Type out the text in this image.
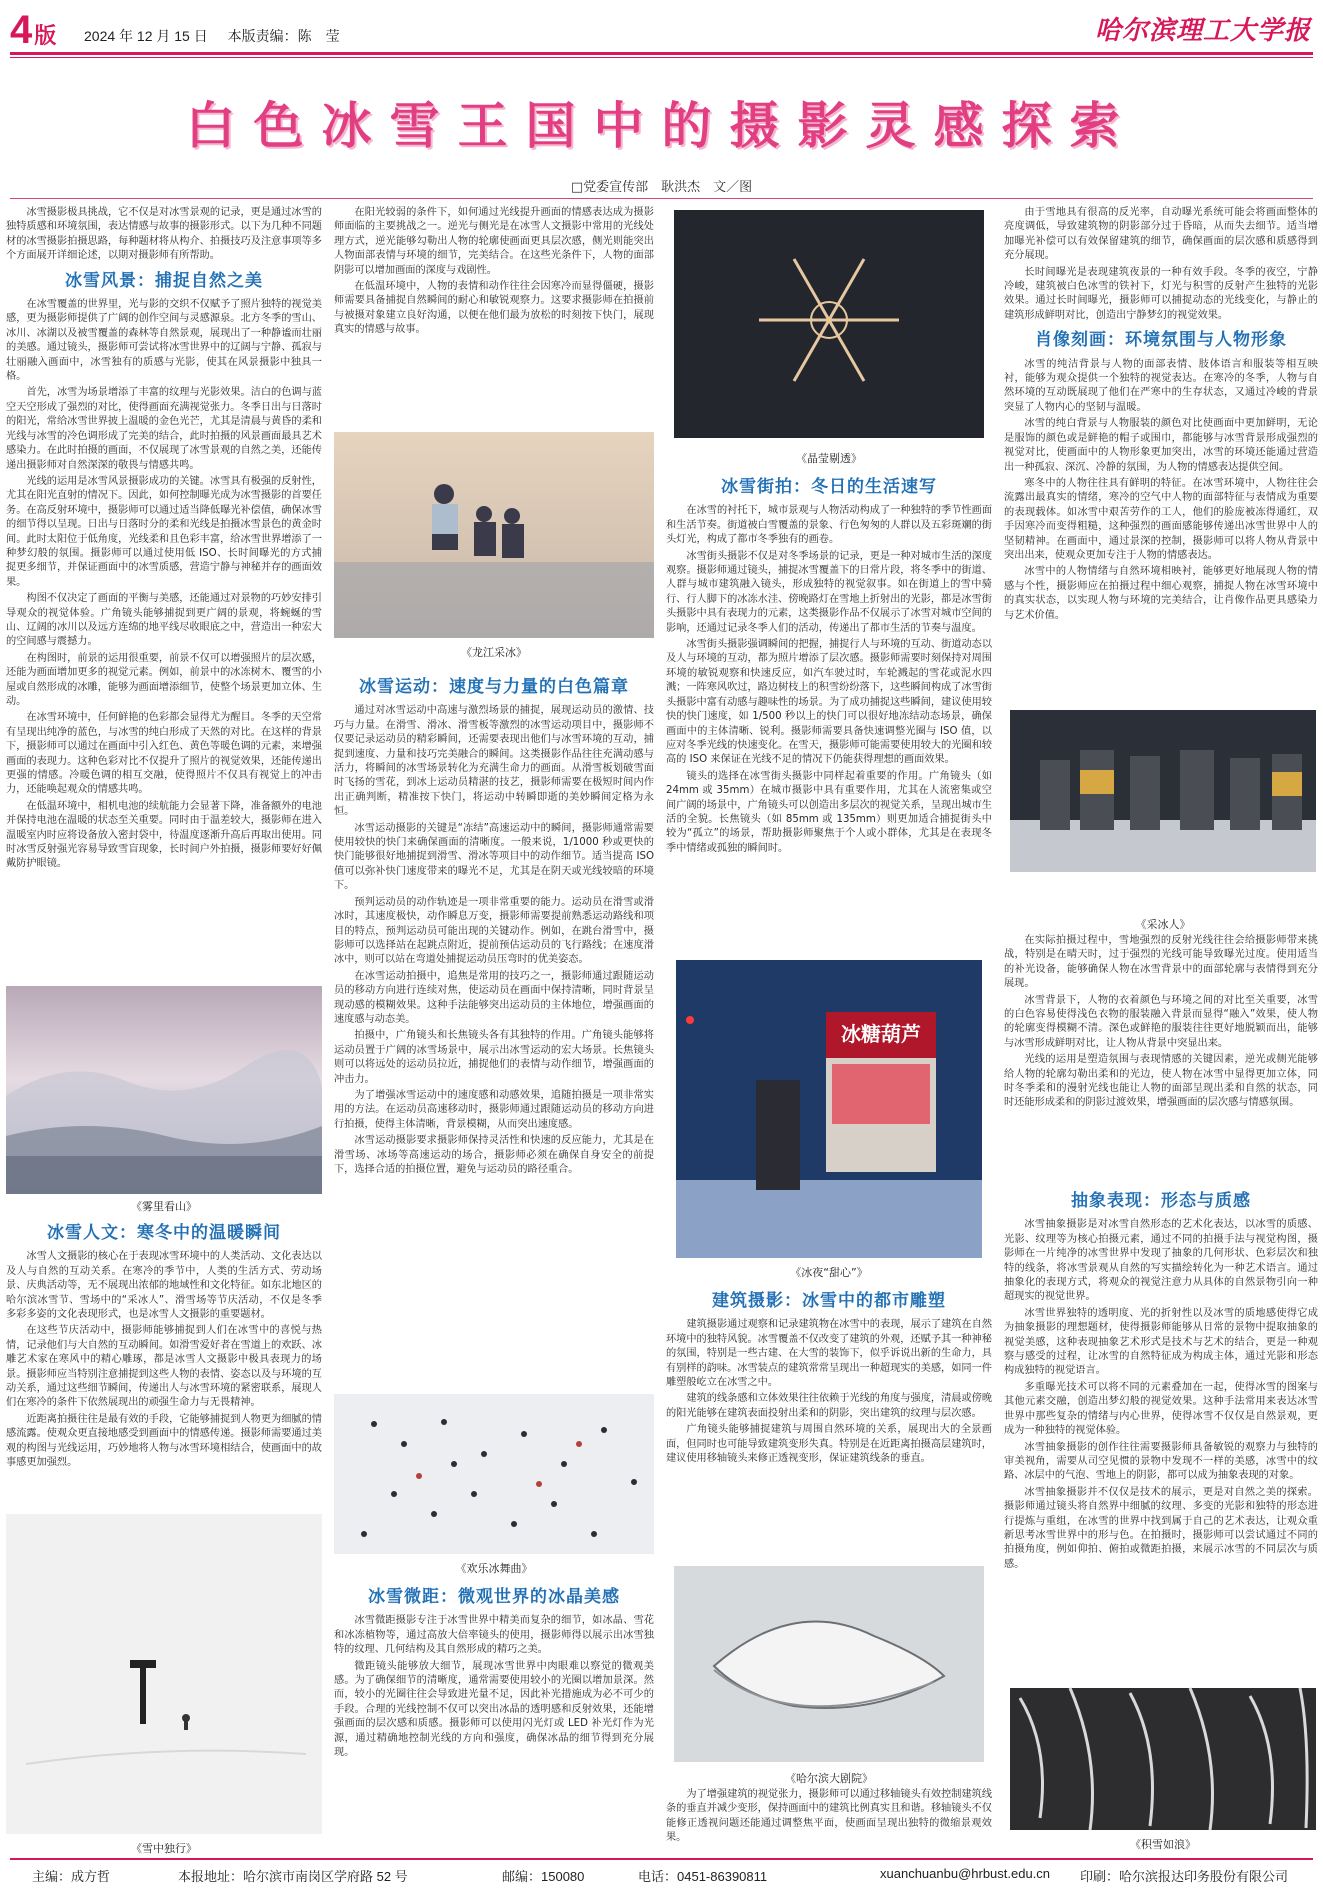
4版 2024 年 12 月 15 日 本版责编：陈　莹	哈尔滨理工大学报
白色冰雪王国中的摄影灵感探索
□党委宣传部　耿洪杰　文／图

冰雪摄影极具挑战，它不仅是对冰雪景观的记录，更是通过冰雪的独特质感和环境氛围，表达情感与故事的摄影形式。以下为几种不同题材的冰雪摄影拍摄思路，每种题材将从构介、拍摄技巧及注意事项等多个方面展开详细论述，以期对摄影师有所帮助。

冰雪风景：捕捉自然之美

在冰雪覆盖的世界里，光与影的交织不仅赋予了照片独特的视觉美感，更为摄影师提供了广阔的创作空间与灵感源泉。北方冬季的雪山、冰川、冰湖以及被雪覆盖的森林等自然景观，展现出了一种静谧而壮丽的美感。通过镜头，摄影师可尝试将冰雪世界中的辽阔与宁静、孤寂与壮丽融入画面中，冰雪独有的质感与光影，使其在风景摄影中独具一格。

首先，冰雪为场景增添了丰富的纹理与光影效果。洁白的色调与蓝空天空形成了强烈的对比，使得画面充满视觉张力。冬季日出与日落时的阳光，常给冰雪世界披上温暖的金色光芒，尤其是清晨与黄昏的柔和光线与冰雪的冷色调形成了完美的结合，此时拍摄的风景画面最具艺术感染力。在此时拍摄的画面，不仅展现了冰雪景观的自然之美，还能传递出摄影师对自然深深的敬畏与情感共鸣。

光线的运用是冰雪风景摄影成功的关键。冰雪具有极强的反射性，尤其在阳光直射的情况下。因此，如何控制曝光成为冰雪摄影的首要任务。在高反射环境中，摄影师可以通过适当降低曝光补偿值，确保冰雪的细节得以呈现。日出与日落时分的柔和光线是拍摄冰雪景色的黄金时间。此时太阳位于低角度，光线柔和且色彩丰富，给冰雪世界增添了一种梦幻般的氛围。摄影师可以通过使用低 ISO、长时间曝光的方式捕捉更多细节，并保证画面中的冰雪质感，营造宁静与神秘并存的画面效果。

构图不仅决定了画面的平衡与美感，还能通过对景物的巧妙安排引导观众的视觉体验。广角镜头能够捕捉到更广阔的景观，将蜿蜒的雪山、辽阔的冰川以及远方连绵的地平线尽收眼底之中，营造出一种宏大的空间感与震撼力。

在构图时，前景的运用很重要，前景不仅可以增强照片的层次感，还能为画面增加更多的视觉元素。例如，前景中的冰冻树木、覆雪的小屋或自然形成的冰雕，能够为画面增添细节，使整个场景更加立体、生动。

在冰雪环境中，任何鲜艳的色彩都会显得尤为醒目。冬季的天空常有呈现出纯净的蓝色，与冰雪的纯白形成了天然的对比。在这样的背景下，摄影师可以通过在画面中引入红色、黄色等暖色调的元素，来增强画面的表现力。这种色彩对比不仅提升了照片的视觉效果，还能传递出更强的情感。冷暖色调的相互交融，使得照片不仅具有视觉上的冲击力，还能唤起观众的情感共鸣。

在低温环境中，相机电池的续航能力会显著下降，准备额外的电池并保持电池在温暖的状态至关重要。同时由于温差较大，摄影师在进入温暖室内时应将设备放入密封袋中，待温度逐渐升高后再取出使用。同时冰雪反射强光容易导致雪盲现象，长时间户外拍摄，摄影师要好好佩戴防护眼镜。

《雾里看山》
冰雪人文：寒冬中的温暖瞬间

冰雪人文摄影的核心在于表现冰雪环境中的人类活动、文化表达以及人与自然的互动关系。在寒冷的季节中，人类的生活方式、劳动场景、庆典活动等，无不展现出浓郁的地域性和文化特征。如东北地区的哈尔滨冰雪节、雪场中的“采冰人”、滑雪场等节庆活动，不仅是冬季多彩多姿的文化表现形式，也是冰雪人文摄影的重要题材。

在这些节庆活动中，摄影师能够捕捉到人们在冰雪中的喜悦与热情，记录他们与大自然的互动瞬间。如滑雪爱好者在雪道上的欢跃、冰雕艺术家在寒风中的精心雕琢，都是冰雪人文摄影中极具表现力的场景。摄影师应当特别注意捕捉到这些人物的表情、姿态以及与环境的互动关系，通过这些细节瞬间，传递出人与冰雪环境的紧密联系，展现人们在寒冷的条件下依然展现出的顽强生命力与无畏精神。

近距离拍摄往往是最有效的手段，它能够捕捉到人物更为细腻的情感流露。使观众更直接地感受到画面中的情感传递。摄影师需要通过美观的构图与光线运用，巧妙地将人物与冰雪环境相结合，使画面中的故事感更加强烈。

《雪中独行》

在阳光较弱的条件下，如何通过光线提升画面的情感表达成为摄影师面临的主要挑战之一。逆光与侧光是在冰雪人文摄影中常用的光线处理方式，逆光能够勾勒出人物的轮廓使画面更具层次感，侧光则能突出人物面部表情与环境的细节，完美结合。在这些光条件下，人物的面部阴影可以增加画面的深度与戏剧性。

在低温环境中，人物的表情和动作往往会因寒冷而显得僵硬，摄影师需要具备捕捉自然瞬间的耐心和敏锐观察力。这要求摄影师在拍摄前与被摄对象建立良好沟通，以便在他们最为放松的时刻按下快门，展现真实的情感与故事。

《龙江采冰》
冰雪运动：速度与力量的白色篇章

通过对冰雪运动中高速与激烈场景的捕捉，展现运动员的激情、技巧与力量。在滑雪、滑冰、滑雪板等激烈的冰雪运动项目中，摄影师不仅要记录运动员的精彩瞬间，还需要表现出他们与冰雪环境的互动，捕捉到速度、力量和技巧完美融合的瞬间。这类摄影作品往往充满动感与活力，将瞬间的冰雪场景转化为充满生命力的画面。从滑雪板划破雪面时飞扬的雪花，到冰上运动员精湛的技艺，摄影师需要在极短时间内作出正确判断，精准按下快门，将运动中转瞬即逝的美妙瞬间定格为永恒。

冰雪运动摄影的关键是“冻结”高速运动中的瞬间，摄影师通常需要使用较快的快门来确保画面的清晰度。一般来说，1/1000 秒或更快的快门能够很好地捕捉到滑雪、滑冰等项目中的动作细节。适当提高 ISO 值可以弥补快门速度带来的曝光不足，尤其是在阴天或光线较暗的环境下。

预判运动员的动作轨迹是一项非常重要的能力。运动员在滑雪或滑冰时，其速度极快，动作瞬息万变，摄影师需要提前熟悉运动路线和项目的特点，预判运动员可能出现的关键动作。例如，在跳台滑雪中，摄影师可以选择站在起跳点附近，提前预估运动员的飞行路线；在速度滑冰中，则可以站在弯道处捕捉运动员压弯时的优美姿态。

在冰雪运动拍摄中，追焦是常用的技巧之一，摄影师通过跟随运动员的移动方向进行连续对焦，使运动员在画面中保持清晰，同时背景呈现动感的模糊效果。这种手法能够突出运动员的主体地位，增强画面的速度感与动态美。

拍摄中，广角镜头和长焦镜头各有其独特的作用。广角镜头能够将运动员置于广阔的冰雪场景中，展示出冰雪运动的宏大场景。长焦镜头则可以将远处的运动员拉近，捕捉他们的表情与动作细节，增强画面的冲击力。

为了增强冰雪运动中的速度感和动感效果，追随拍摄是一项非常实用的方法。在运动员高速移动时，摄影师通过跟随运动员的移动方向进行拍摄，使得主体清晰，背景模糊，从而突出速度感。

冰雪运动摄影要求摄影师保持灵活性和快速的反应能力，尤其是在滑雪场、冰场等高速运动的场合，摄影师必须在确保自身安全的前提下，选择合适的拍摄位置，避免与运动员的路径重合。

《欢乐冰舞曲》
冰雪微距：微观世界的冰晶美感

冰雪微距摄影专注于冰雪世界中精美而复杂的细节，如冰晶、雪花和冰冻植物等，通过高放大倍率镜头的使用，摄影师得以展示出冰雪独特的纹理、几何结构及其自然形成的精巧之美。

微距镜头能够放大细节，展现冰雪世界中肉眼难以察觉的微观美感。为了确保细节的清晰度，通常需要使用较小的光圈以增加景深。然而，较小的光圈往往会导致进光量不足，因此补光措施成为必不可少的手段。合理的光线控制不仅可以突出冰晶的透明感和反射效果，还能增强画面的层次感和质感。摄影师可以使用闪光灯或 LED 补光灯作为光源，通过精确地控制光线的方向和强度，确保冰晶的细节得到充分展现。

《晶莹剔透》
冰雪街拍：冬日的生活速写

在冰雪的衬托下，城市景观与人物活动构成了一种独特的季节性画面和生活节奏。街道被白雪覆盖的景象、行色匆匆的人群以及五彩斑斓的街头灯光，构成了都市冬季独有的画卷。

冰雪街头摄影不仅是对冬季场景的记录，更是一种对城市生活的深度观察。摄影师通过镜头，捕捉冰雪覆盖下的日常片段，将冬季中的街道、人群与城市建筑融入镜头，形成独特的视觉叙事。如在街道上的雪中骑行、行人脚下的冰冻水洼、傍晚路灯在雪地上折射出的光影，都是冰雪街头摄影中具有表现力的元素，这类摄影作品不仅展示了冰雪对城市空间的影响，还通过记录冬季人们的活动，传递出了都市生活的节奏与温度。

冰雪街头摄影强调瞬间的把握，捕捉行人与环境的互动、街道动态以及人与环境的互动，都为照片增添了层次感。摄影师需要时刻保持对周围环境的敏锐观察和快速反应，如汽车驶过时，车轮溅起的雪花或泥水四溅；一阵寒风吹过，路边树枝上的积雪纷纷落下，这些瞬间构成了冰雪街头摄影中富有动感与趣味性的场景。为了成功捕捉这些瞬间，建议使用较快的快门速度，如 1/500 秒以上的快门可以很好地冻结动态场景，确保画面中的主体清晰、锐利。摄影师需要具备快速调整光圈与 ISO 值，以应对冬季光线的快速变化。在雪天，摄影师可能需要使用较大的光圈和较高的 ISO 来保证在光线不足的情况下仍能获得理想的画面效果。

镜头的选择在冰雪街头摄影中同样起着重要的作用。广角镜头（如 24mm 或 35mm）在城市摄影中具有重要作用，尤其在人流密集或空间广阔的场景中，广角镜头可以创造出多层次的视觉关系，呈现出城市生活的全貌。长焦镜头（如 85mm 或 135mm）则更加适合捕捉街头中较为“孤立”的场景，帮助摄影师聚焦于个人或小群体，尤其是在表现冬季中情绪或孤独的瞬间时。

冰糖葫芦
《冰夜“甜心”》
建筑摄影：冰雪中的都市雕塑

建筑摄影通过观察和记录建筑物在冰雪中的表现，展示了建筑在自然环境中的独特风貌。冰雪覆盖不仅改变了建筑的外观，还赋予其一种神秘的氛围，特别是一些古建、在大雪的装饰下，似乎诉说出新的生命力，具有别样的韵味。冰雪装点的建筑常常呈现出一种超现实的美感，如同一件雕塑般屹立在冰雪之中。

建筑的线条感和立体效果往往依赖于光线的角度与强度，清晨或傍晚的阳光能够在建筑表面投射出柔和的阴影，突出建筑的纹理与层次感。

广角镜头能够捕捉建筑与周围自然环境的关系，展现出大的全景画面，但同时也可能导致建筑变形失真。特别是在近距离拍摄高层建筑时，建议使用移轴镜头来修正透视变形，保证建筑线条的垂直。

《哈尔滨大剧院》

为了增强建筑的视觉张力，摄影师可以通过移轴镜头有效控制建筑线条的垂直并减少变形，保持画面中的建筑比例真实且和谐。移轴镜头不仅能修正透视问题还能通过调整焦平面，使画面呈现出独特的微缩景观效果。

由于雪地具有很高的反光率，自动曝光系统可能会将画面整体的亮度调低，导致建筑物的阴影部分过于昏暗，从而失去细节。适当增加曝光补偿可以有效保留建筑的细节，确保画面的层次感和质感得到充分展现。

长时间曝光是表现建筑夜景的一种有效手段。冬季的夜空，宁静冷峻，建筑被白色冰雪的铁衬下，灯光与积雪的反射产生独特的光影效果。通过长时间曝光，摄影师可以捕捉动态的光线变化，与静止的建筑形成鲜明对比，创造出宁静梦幻的视觉效果。

肖像刻画：环境氛围与人物形象

冰雪的纯洁背景与人物的面部表情、肢体语言和服装等相互映衬，能够为观众提供一个独特的视觉表达。在寒冷的冬季，人物与自然环境的互动既展现了他们在严寒中的生存状态，又通过冷峻的背景突显了人物内心的坚韧与温暖。

冰雪的纯白背景与人物服装的颜色对比使画面中更加鲜明，无论是服饰的颜色或是鲜艳的帽子或围巾，都能够与冰雪背景形成强烈的视觉对比，使画面中的人物形象更加突出，冰雪的环境还能通过营造出一种孤寂、深沉、冷静的氛围，为人物的情感表达提供空间。

寒冬中的人物往往具有鲜明的特征。在冰雪环境中，人物往往会流露出最真实的情绪，寒冷的空气中人物的面部特征与表情成为重要的表现载体。如冰雪中艰苦劳作的工人，他们的脸庞被冻得通红，双手因寒冷而变得粗糙，这种强烈的画面感能够传递出冰雪世界中人的坚韧精神。在画面中，通过景深的控制，摄影师可以将人物从背景中突出出来，使观众更加专注于人物的情感表达。

冰雪中的人物情绪与自然环境相映衬，能够更好地展现人物的情感与个性，摄影师应在拍摄过程中细心观察，捕捉人物在冰雪环境中的真实状态，以实现人物与环境的完美结合，让肖像作品更具感染力与艺术价值。

《采冰人》

在实际拍摄过程中，雪地强烈的反射光线往往会给摄影师带来挑战，特别是在晴天时，过于强烈的光线可能导致曝光过度。使用适当的补光设备，能够确保人物在冰雪背景中的面部轮廓与表情得到充分展现。

冰雪背景下，人物的衣着颜色与环境之间的对比至关重要，冰雪的白色容易使得浅色衣物的服装融入背景而显得“融入”效果，使人物的轮廓变得模糊不清。深色或鲜艳的服装往往更好地脱颖而出，能够与冰雪形成鲜明对比，让人物从背景中突显出来。

光线的运用是塑造氛围与表现情感的关键因素，逆光或侧光能够给人物的轮廓勾勒出柔和的光边，使人物在冰雪中显得更加立体，同时冬季柔和的漫射光线也能让人物的面部呈现出柔和自然的状态，同时还能形成柔和的阴影过渡效果，增强画面的层次感与情感氛围。

抽象表现：形态与质感

冰雪抽象摄影是对冰雪自然形态的艺术化表达，以冰雪的质感、光影、纹理等为核心拍摄元素，通过不同的拍摄手法与视觉构图，摄影师在一片纯净的冰雪世界中发现了抽象的几何形状、色彩层次和独特的线条，将冰雪景观从自然的写实描绘转化为一种艺术语言。通过抽象化的表现方式，将观众的视觉注意力从具体的自然景物引向一种超现实的视觉世界。

冰雪世界独特的透明度、光的折射性以及冰雪的质地感使得它成为抽象摄影的理想题材，使得摄影师能够从日常的景物中提取抽象的视觉美感，这种表现抽象艺术形式是技术与艺术的结合，更是一种观察与感受的过程，让冰雪的自然特征成为构成主体，通过光影和形态构成独特的视觉语言。

多重曝光技术可以将不同的元素叠加在一起，使得冰雪的图案与其他元素交融，创造出梦幻般的视觉效果。这种手法常用来表达冰雪世界中那些复杂的情绪与内心世界，使得冰雪不仅仅是自然景观，更成为一种独特的视觉体验。

冰雪抽象摄影的创作往往需要摄影师具备敏锐的观察力与独特的审美视角，需要从司空见惯的景物中发现不一样的美感，冰雪中的纹路、冰层中的气泡、雪地上的阴影，都可以成为抽象表现的对象。

冰雪抽象摄影并不仅仅是技术的展示，更是对自然之美的探索。摄影师通过镜头将自然界中细腻的纹理、多变的光影和独特的形态进行提炼与重组，在冰雪的世界中找到属于自己的艺术表达，让观众重新思考冰雪世界中的形与色。在拍摄时，摄影师可以尝试通过不同的拍摄角度，例如仰拍、俯拍或微距拍摄，来展示冰雪的不同层次与质感。

《积雪如浪》
主编：成方哲	本报地址：哈尔滨市南岗区学府路 52 号	邮编：150080	电话：0451-86390811	xuanchuanbu@hrbust.edu.cn 印刷：哈尔滨报达印务股份有限公司
